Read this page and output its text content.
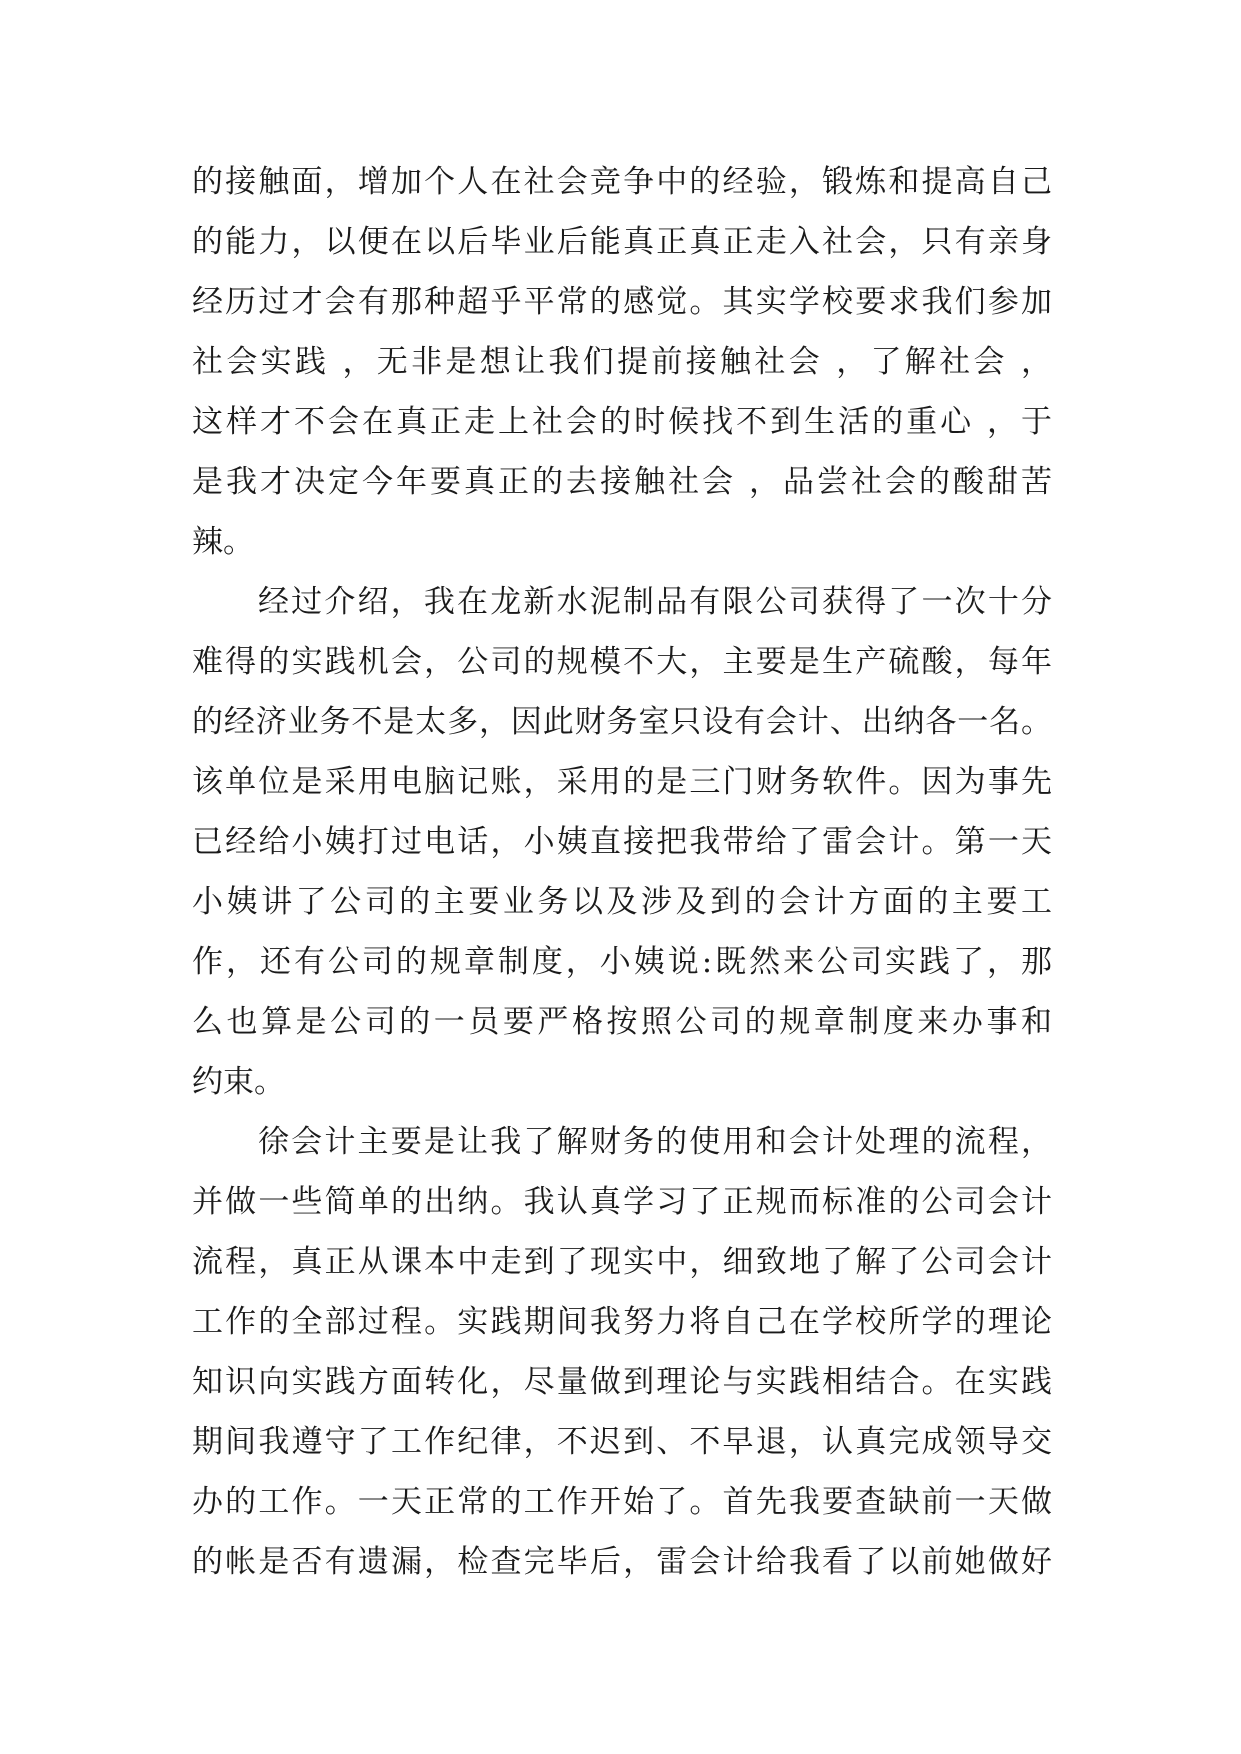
的接触面，增加个人在社会竞争中的经验，锻炼和提高自己
的能力，以便在以后毕业后能真正真正走入社会，只有亲身
经历过才会有那种超乎平常的感觉。其实学校要求我们参加
社会实践 ，无非是想让我们提前接触社会 ，了解社会 ，
这样才不会在真正走上社会的时候找不到生活的重心 ，于
是我才决定今年要真正的去接触社会 ，品尝社会的酸甜苦
辣。
经过介绍，我在龙新水泥制品有限公司获得了一次十分
难得的实践机会，公司的规模不大，主要是生产硫酸，每年
的经济业务不是太多，因此财务室只设有会计、出纳各一名。
该单位是采用电脑记账，采用的是三门财务软件。因为事先
已经给小姨打过电话，小姨直接把我带给了雷会计。第一天
小姨讲了公司的主要业务以及涉及到的会计方面的主要工
作，还有公司的规章制度，小姨说:既然来公司实践了，那
么也算是公司的一员要严格按照公司的规章制度来办事和
约束。
徐会计主要是让我了解财务的使用和会计处理的流程，
并做一些简单的出纳。我认真学习了正规而标准的公司会计
流程，真正从课本中走到了现实中，细致地了解了公司会计
工作的全部过程。实践期间我努力将自己在学校所学的理论
知识向实践方面转化，尽量做到理论与实践相结合。在实践
期间我遵守了工作纪律，不迟到、不早退，认真完成领导交
办的工作。一天正常的工作开始了。首先我要查缺前一天做
的帐是否有遗漏，检查完毕后，雷会计给我看了以前她做好
